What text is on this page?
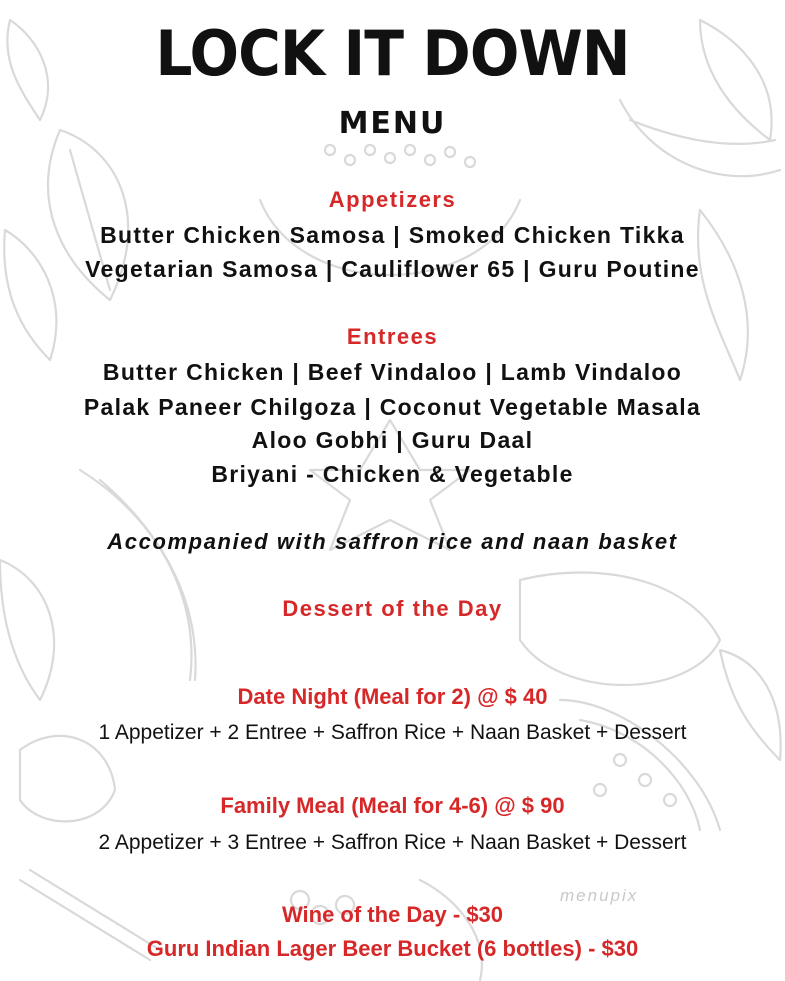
LOCK IT DOWN
MENU
Appetizers
Butter Chicken Samosa | Smoked Chicken Tikka
Vegetarian Samosa | Cauliflower 65 | Guru Poutine
Entrees
Butter Chicken | Beef Vindaloo | Lamb Vindaloo
Palak Paneer Chilgoza | Coconut Vegetable Masala
Aloo Gobhi | Guru Daal
Briyani - Chicken & Vegetable
Accompanied with saffron rice and naan basket
Dessert of the Day
Date Night (Meal for 2) @ $ 40
1 Appetizer + 2 Entree + Saffron Rice + Naan Basket + Dessert
Family Meal (Meal for 4-6) @ $ 90
2 Appetizer + 3 Entree + Saffron Rice + Naan Basket + Dessert
Wine of the Day - $30
Guru Indian Lager Beer Bucket (6 bottles) - $30
menupix
